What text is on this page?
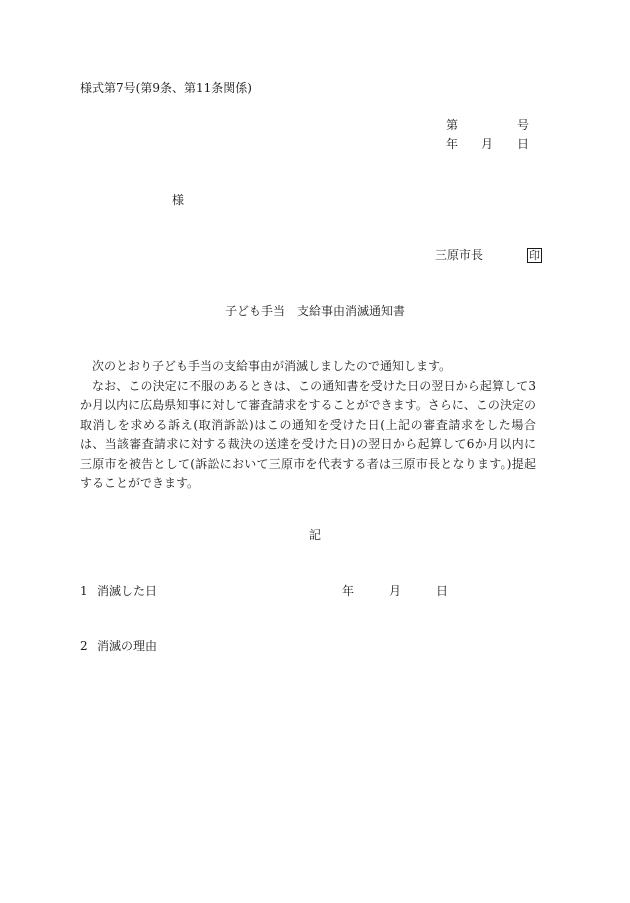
様式第7号(第9条、第11条関係)
第	号
年 月 日
様
三原市長	印
子ども手当　支給事由消滅通知書

次のとおり子ども手当の支給事由が消滅しましたので通知します。

なお、この決定に不服のあるときは、この通知書を受けた日の翌日から起算して3か月以内に広島県知事に対して審査請求をすることができます。さらに、この決定の取消しを求める訴え(取消訴訟)はこの通知を受けた日(上記の審査請求をした場合は、当該審査請求に対する裁決の送達を受けた日)の翌日から起算して6か月以内に三原市を被告として(訴訟において三原市を代表する者は三原市長となります。)提起することができます。

記
1 消滅した日	年	月	日
2 消滅の理由
